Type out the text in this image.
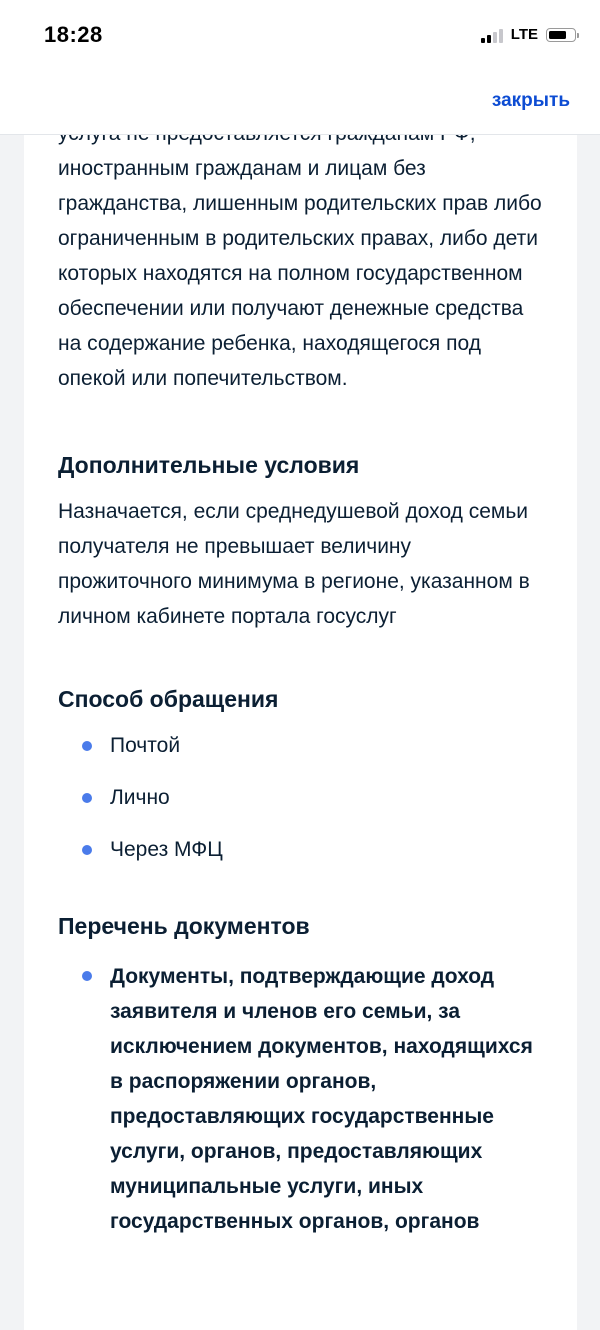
иностранным гражданам и лицам без гражданства, лишенным родительских прав либо ограниченным в родительских правах, либо дети которых находятся на полном государственном обеспечении или получают денежные средства на содержание ребенка, находящегося под опекой или попечительством.

Дополнительные условия

Назначается, если среднедушевой доход семьи получателя не превышает величину прожиточного минимума в регионе, указанном в личном кабинете портала госуслуг

Способ обращения
Почтой
Лично
Через МФЦ
Перечень документов
Документы, подтверждающие доход заявителя и членов его семьи, за исключением документов, находящихся в распоряжении органов, предоставляющих государственные услуги, органов, предоставляющих муниципальные услуги, иных государственных органов, органов
18:28	LTE
закрыть
